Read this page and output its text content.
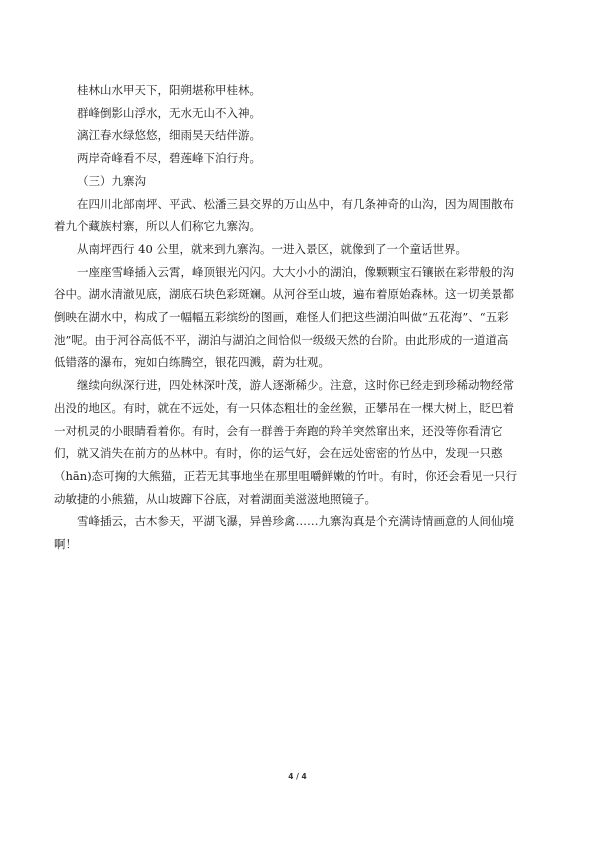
桂林山水甲天下，阳朔堪称甲桂林。

群峰倒影山浮水，无水无山不入神。

漓江春水绿悠悠，细雨昊天结伴游。

两岸奇峰看不尽，碧莲峰下泊行舟。

（三）九寨沟

在四川北部南坪、平武、松潘三县交界的万山丛中，有几条神奇的山沟，因为周围散布

着九个藏族村寨，所以人们称它九寨沟。

从南坪西行 40 公里，就来到九寨沟。一进入景区，就像到了一个童话世界。

一座座雪峰插入云霄，峰顶银光闪闪。大大小小的湖泊，像颗颗宝石镶嵌在彩带般的沟

谷中。湖水清澈见底，湖底石块色彩斑斓。从河谷至山坡，遍布着原始森林。这一切美景都

倒映在湖水中，构成了一幅幅五彩缤纷的图画，难怪人们把这些湖泊叫做“五花海”、“五彩

池”呢。由于河谷高低不平，湖泊与湖泊之间恰似一级级天然的台阶。由此形成的一道道高

低错落的瀑布，宛如白练腾空，银花四溅，蔚为壮观。

继续向纵深行进，四处林深叶茂，游人逐渐稀少。注意，这时你已经走到珍稀动物经常

出没的地区。有时，就在不远处，有一只体态粗壮的金丝猴，正攀吊在一棵大树上，眨巴着

一对机灵的小眼睛看着你。有时，会有一群善于奔跑的羚羊突然窜出来，还没等你看清它

们，就又消失在前方的丛林中。有时，你的运气好，会在远处密密的竹丛中，发现一只憨

（hān)态可掬的大熊猫，正若无其事地坐在那里咀嚼鲜嫩的竹叶。有时，你还会看见一只行

动敏捷的小熊猫，从山坡蹿下谷底，对着湖面美滋滋地照镜子。

雪峰插云，古木参天，平湖飞瀑，异兽珍禽……九寨沟真是个充满诗情画意的人间仙境

啊！

4 / 4
